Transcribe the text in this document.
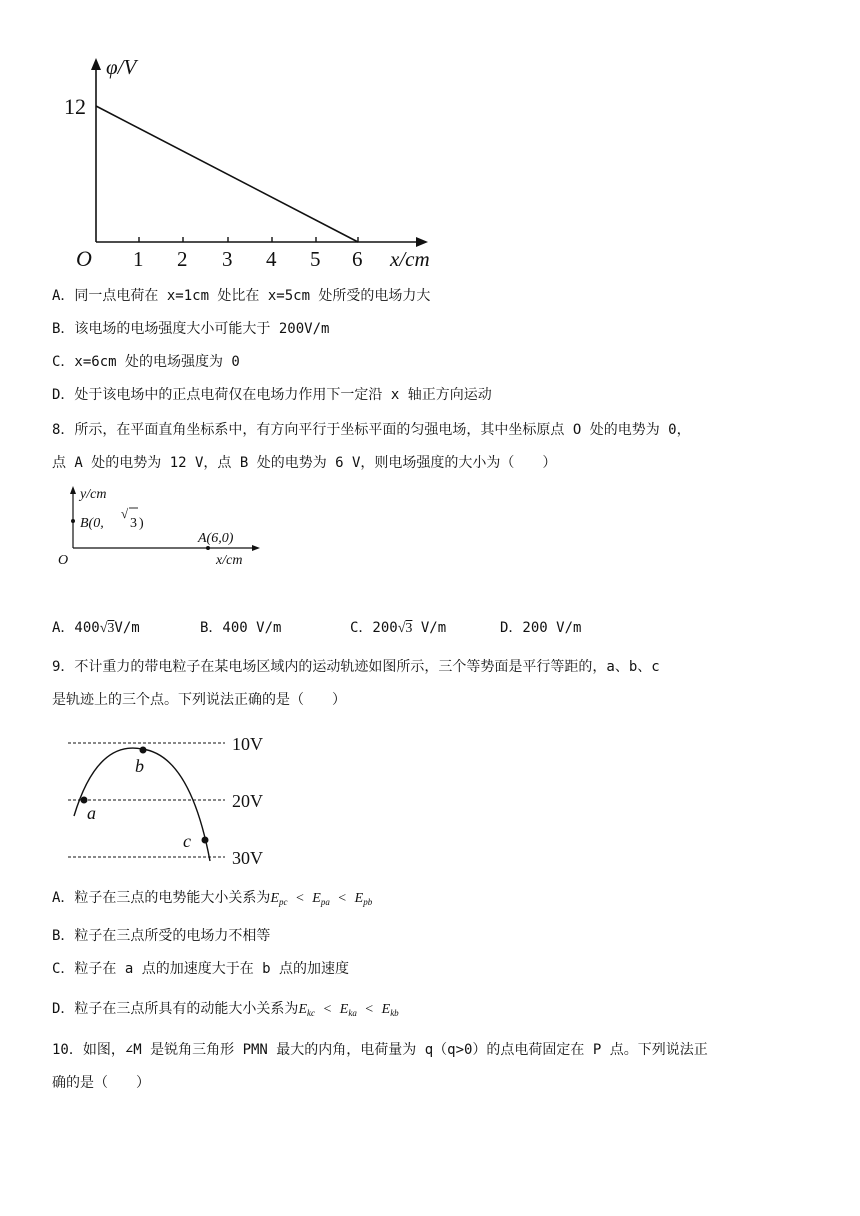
φ/V
12
O 1 2 3 4 5 6 x/cm
A．同一点电荷在 x=1cm 处比在 x=5cm 处所受的电场力大
B．该电场的电场强度大小可能大于 200V/m
C．x=6cm 处的电场强度为 0
D．处于该电场中的正点电荷仅在电场力作用下一定沿 x 轴正方向运动
8．所示，在平面直角坐标系中，有方向平行于坐标平面的匀强电场，其中坐标原点 O 处的电势为 0，
点 A 处的电势为 12 V，点 B 处的电势为 6 V，则电场强度的大小为（　　）
y/cm
B(0,
√
3 )
A(6,0)
O	x/cm
A．400√3V/m	B．400 V/m	C．200√3 V/m	D．200 V/m
9．不计重力的带电粒子在某电场区域内的运动轨迹如图所示，三个等势面是平行等距的，a、b、c
是轨迹上的三个点。下列说法正确的是（　　）
10V
20V
30V
a
b
c
A．粒子在三点的电势能大小关系为$E_{pc} < E_{pa} < E_{pb}$
B．粒子在三点所受的电场力不相等
C．粒子在 a 点的加速度大于在 b 点的加速度
D．粒子在三点所具有的动能大小关系为$E_{kc} < E_{ka} < E_{kb}$
10．如图，∠M 是锐角三角形 PMN 最大的内角，电荷量为 q（q>0）的点电荷固定在 P 点。下列说法正
确的是（　　）
